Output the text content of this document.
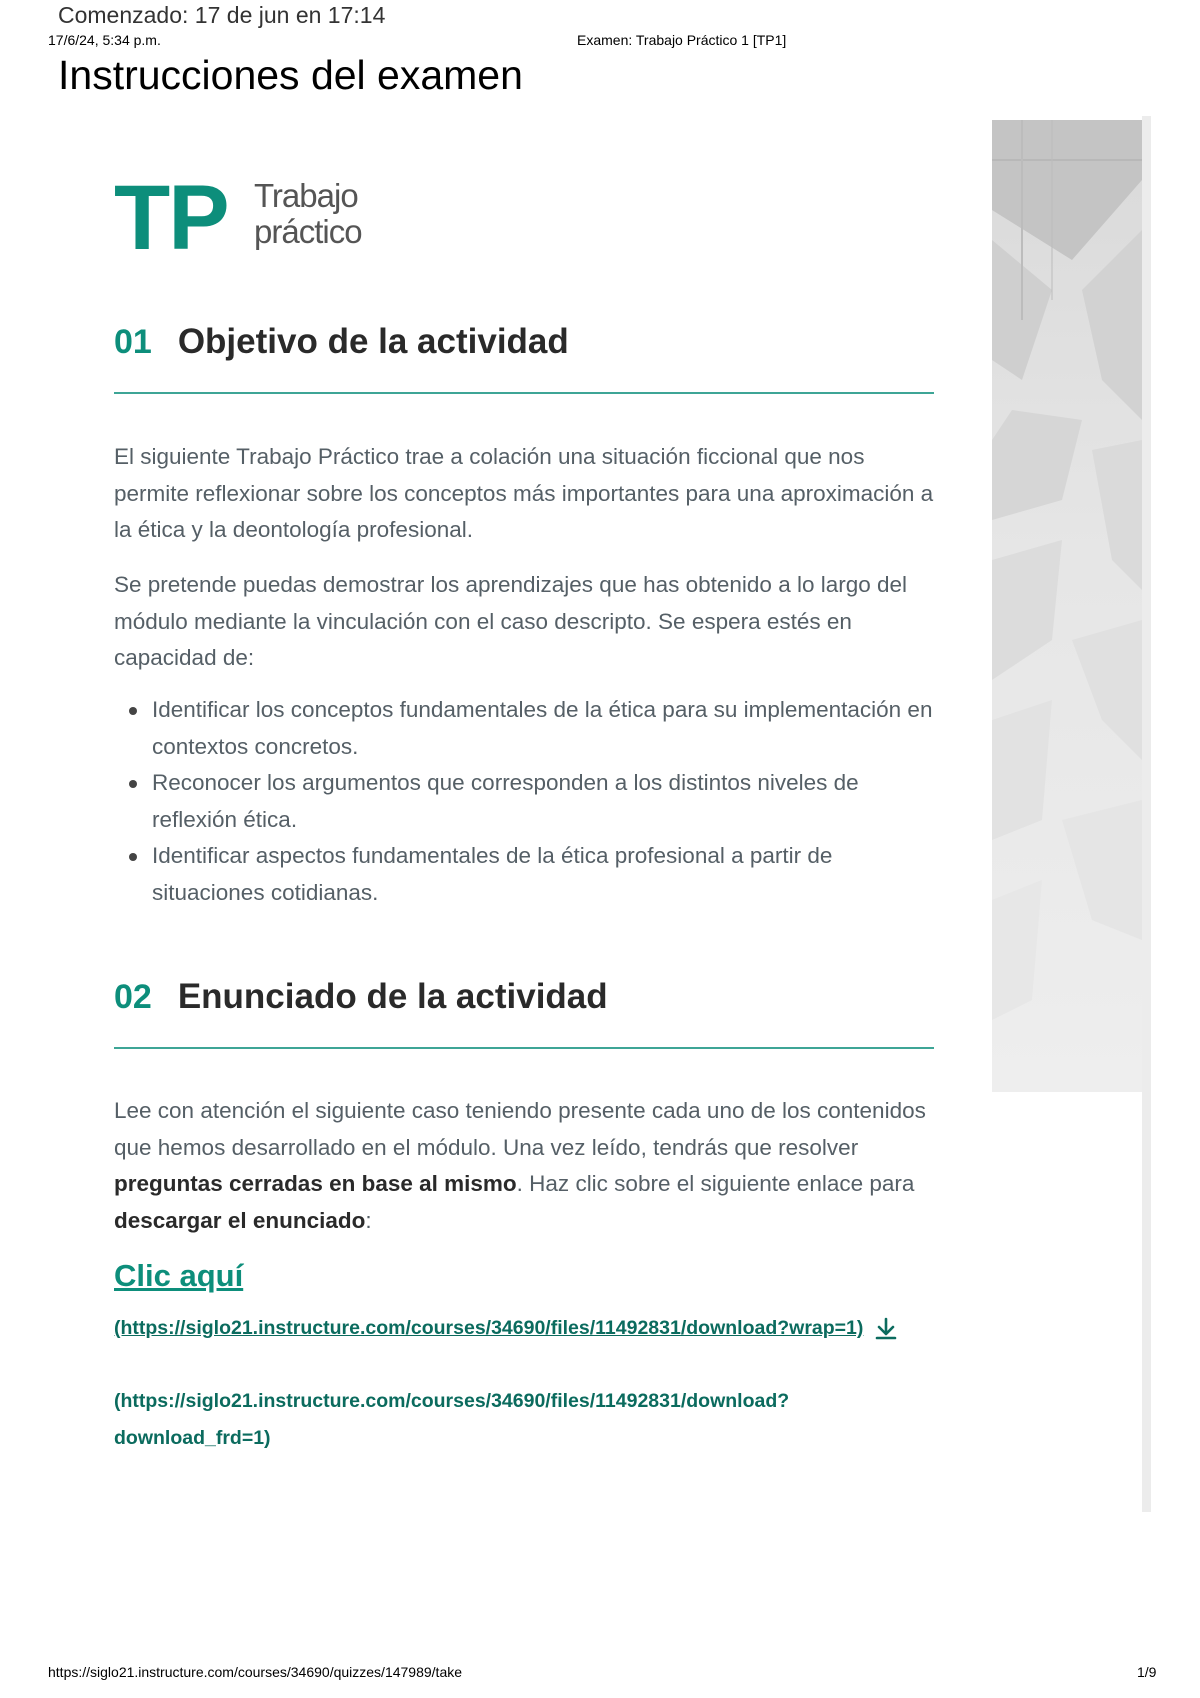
Comenzado: 17 de jun en 17:14
17/6/24, 5:34 p.m.	Examen: Trabajo Práctico 1 [TP1]
Instrucciones del examen
TP Trabajo
práctico
01 Objetivo de la actividad

El siguiente Trabajo Práctico trae a colación una situación ficcional que nos permite reflexionar sobre los conceptos más importantes para una aproximación a la ética y la deontología profesional.

Se pretende puedas demostrar los aprendizajes que has obtenido a lo largo del módulo mediante la vinculación con el caso descripto. Se espera estés en capacidad de:

Identificar los conceptos fundamentales de la ética para su implementación en contextos concretos.
Reconocer los argumentos que corresponden a los distintos niveles de reflexión ética.
Identificar aspectos fundamentales de la ética profesional a partir de situaciones cotidianas.
02 Enunciado de la actividad

Lee con atención el siguiente caso teniendo presente cada uno de los contenidos que hemos desarrollado en el módulo. Una vez leído, tendrás que resolver preguntas cerradas en base al mismo. Haz clic sobre el siguiente enlace para descargar el enunciado:

Clic aquí
(https://siglo21.instructure.com/courses/34690/files/11492831/download?wrap=1)
(https://siglo21.instructure.com/courses/34690/files/11492831/download?download_frd=1)
https://siglo21.instructure.com/courses/34690/quizzes/147989/take	1/9
